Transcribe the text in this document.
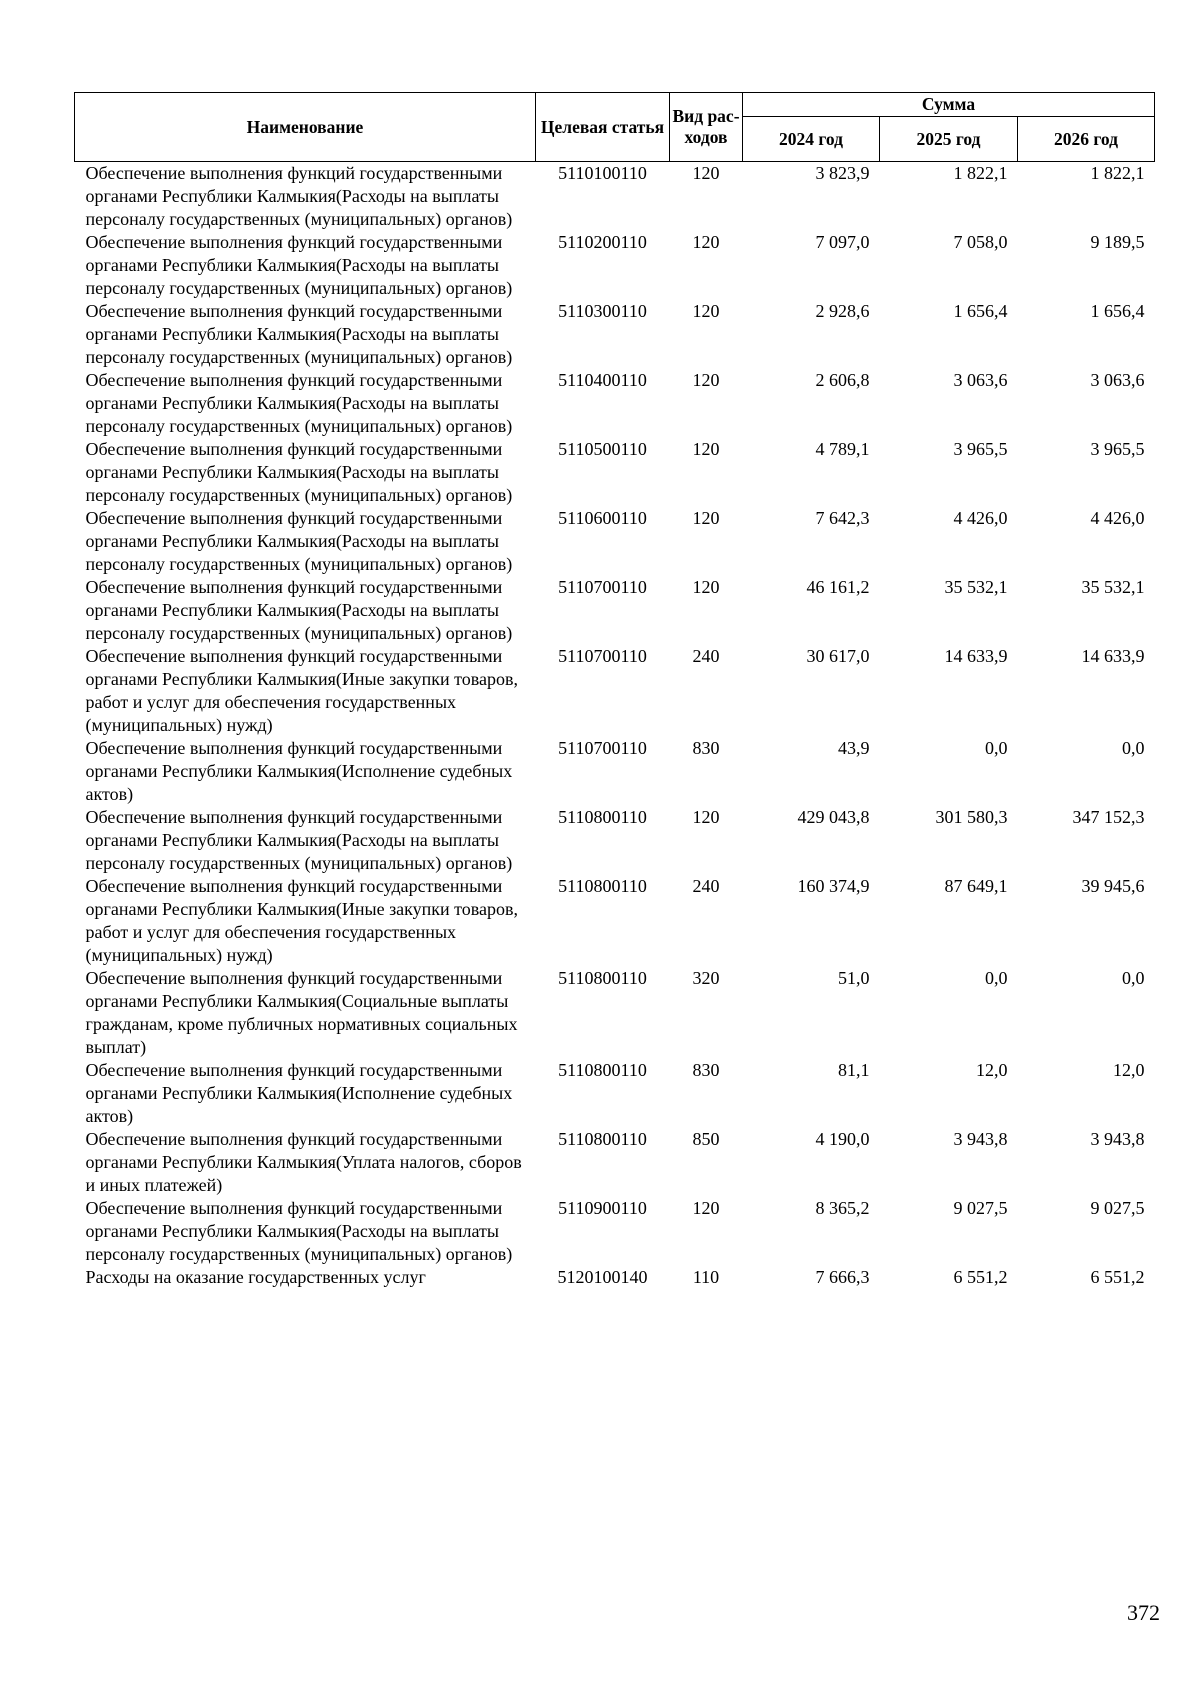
Наименование	Целевая статья	Вид рас-ходов	Сумма		
			2024 год	2025 год	2026 год
Обеспечение выполнения функций государственными органами Республики Калмыкия(Расходы на выплаты персоналу государственных (муниципальных) органов)	5110100110	120	3 823,9	1 822,1	1 822,1
Обеспечение выполнения функций государственными органами Республики Калмыкия(Расходы на выплаты персоналу государственных (муниципальных) органов)	5110200110	120	7 097,0	7 058,0	9 189,5
Обеспечение выполнения функций государственными органами Республики Калмыкия(Расходы на выплаты персоналу государственных (муниципальных) органов)	5110300110	120	2 928,6	1 656,4	1 656,4
Обеспечение выполнения функций государственными органами Республики Калмыкия(Расходы на выплаты персоналу государственных (муниципальных) органов)	5110400110	120	2 606,8	3 063,6	3 063,6
Обеспечение выполнения функций государственными органами Республики Калмыкия(Расходы на выплаты персоналу государственных (муниципальных) органов)	5110500110	120	4 789,1	3 965,5	3 965,5
Обеспечение выполнения функций государственными органами Республики Калмыкия(Расходы на выплаты персоналу государственных (муниципальных) органов)	5110600110	120	7 642,3	4 426,0	4 426,0
Обеспечение выполнения функций государственными органами Республики Калмыкия(Расходы на выплаты персоналу государственных (муниципальных) органов)	5110700110	120	46 161,2	35 532,1	35 532,1
Обеспечение выполнения функций государственными органами Республики Калмыкия(Иные закупки товаров, работ и услуг для обеспечения государственных (муниципальных) нужд)	5110700110	240	30 617,0	14 633,9	14 633,9
Обеспечение выполнения функций государственными органами Республики Калмыкия(Исполнение судебных актов)	5110700110	830	43,9	0,0	0,0
Обеспечение выполнения функций государственными органами Республики Калмыкия(Расходы на выплаты персоналу государственных (муниципальных) органов)	5110800110	120	429 043,8	301 580,3	347 152,3
Обеспечение выполнения функций государственными органами Республики Калмыкия(Иные закупки товаров, работ и услуг для обеспечения государственных (муниципальных) нужд)	5110800110	240	160 374,9	87 649,1	39 945,6
Обеспечение выполнения функций государственными органами Республики Калмыкия(Социальные выплаты гражданам, кроме публичных нормативных социальных выплат)	5110800110	320	51,0	0,0	0,0
Обеспечение выполнения функций государственными органами Республики Калмыкия(Исполнение судебных актов)	5110800110	830	81,1	12,0	12,0
Обеспечение выполнения функций государственными органами Республики Калмыкия(Уплата налогов, сборов и иных платежей)	5110800110	850	4 190,0	3 943,8	3 943,8
Обеспечение выполнения функций государственными органами Республики Калмыкия(Расходы на выплаты персоналу государственных (муниципальных) органов)	5110900110	120	8 365,2	9 027,5	9 027,5
Расходы на оказание государственных услуг	5120100140	110	7 666,3	6 551,2	6 551,2
372
